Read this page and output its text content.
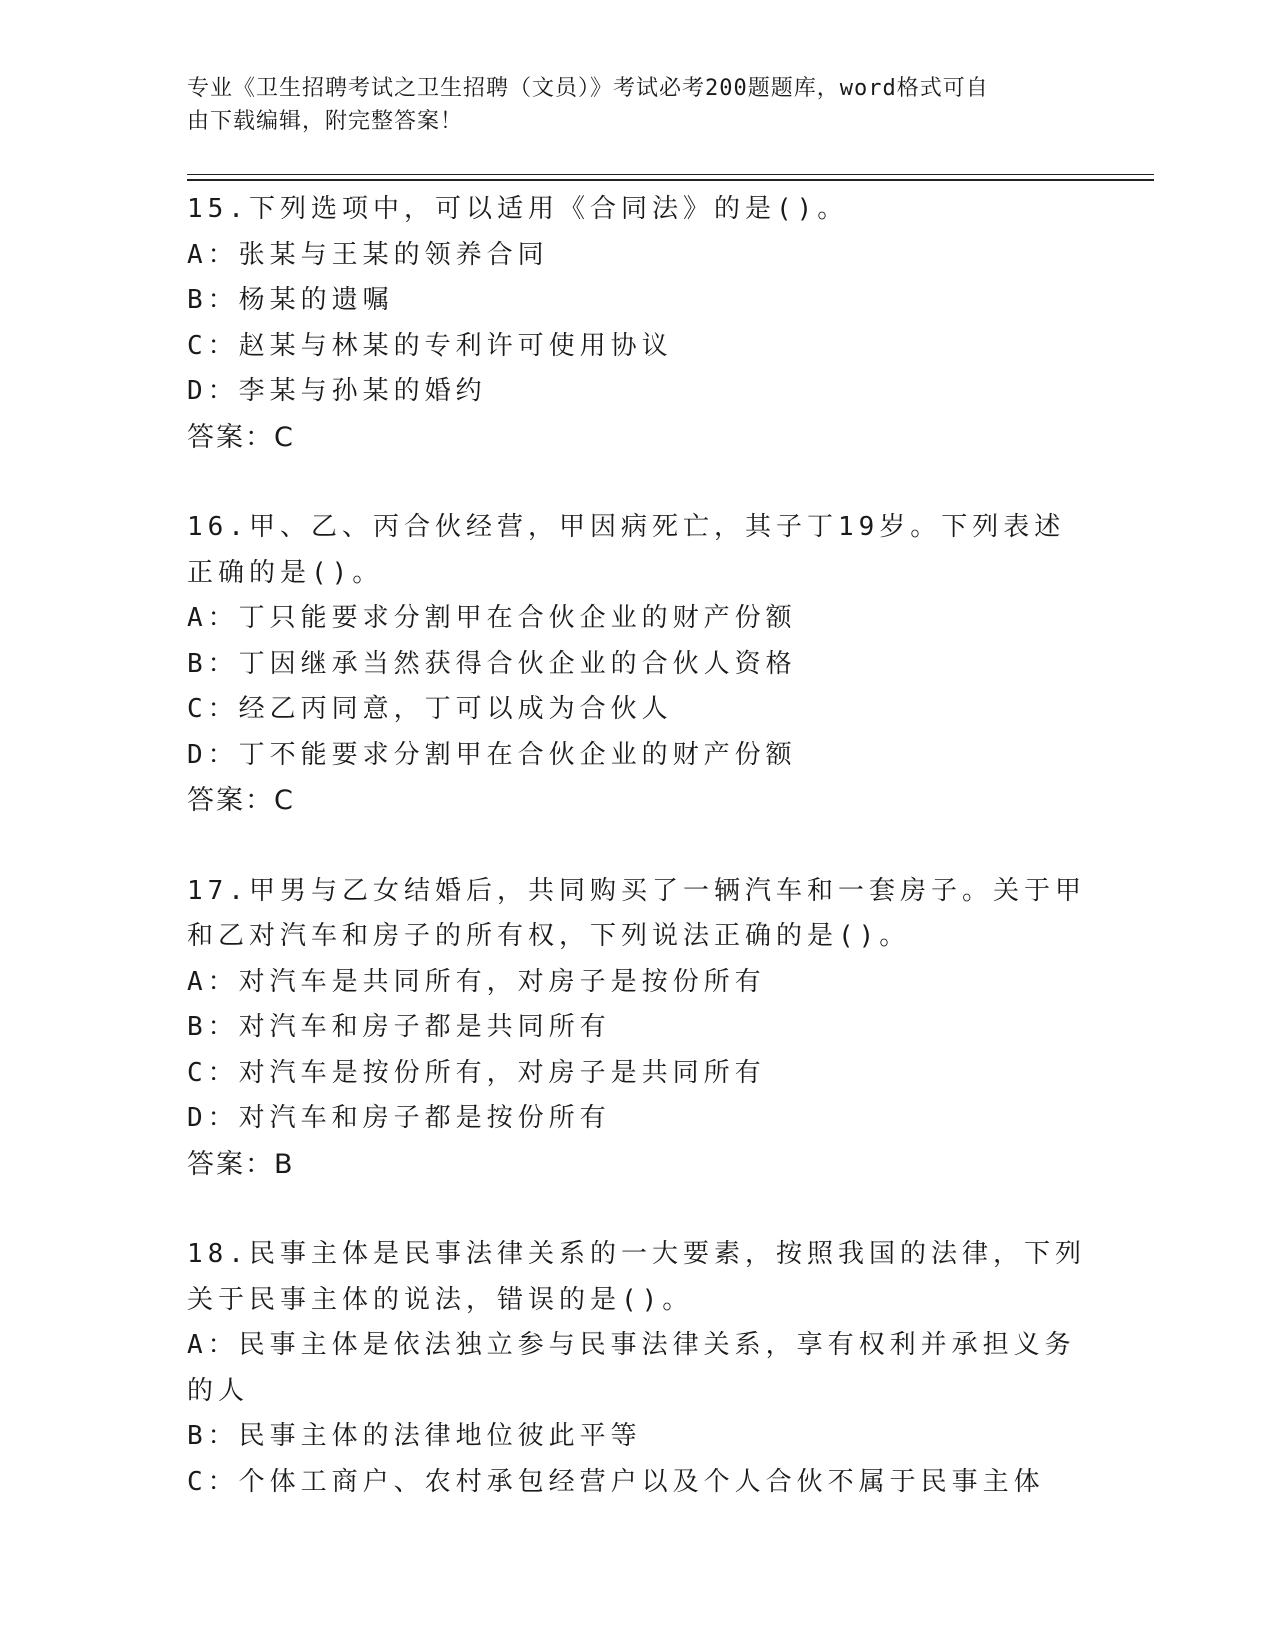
专业《卫生招聘考试之卫生招聘（文员）》考试必考200题题库，word格式可自
由下载编辑，附完整答案！
15.下列选项中，可以适用《合同法》的是()。
A：张某与王某的领养合同
B：杨某的遗嘱
C：赵某与林某的专利许可使用协议
D：李某与孙某的婚约
答案：C
16.甲、乙、丙合伙经营，甲因病死亡，其子丁19岁。下列表述正确的是()。
A：丁只能要求分割甲在合伙企业的财产份额
B：丁因继承当然获得合伙企业的合伙人资格
C：经乙丙同意，丁可以成为合伙人
D：丁不能要求分割甲在合伙企业的财产份额
答案：C
17.甲男与乙女结婚后，共同购买了一辆汽车和一套房子。关于甲和乙对汽车和房子的所有权，下列说法正确的是()。
A：对汽车是共同所有，对房子是按份所有
B：对汽车和房子都是共同所有
C：对汽车是按份所有，对房子是共同所有
D：对汽车和房子都是按份所有
答案：B
18.民事主体是民事法律关系的一大要素，按照我国的法律，下列关于民事主体的说法，错误的是()。
A：民事主体是依法独立参与民事法律关系，享有权利并承担义务的人
B：民事主体的法律地位彼此平等
C：个体工商户、农村承包经营户以及个人合伙不属于民事主体
